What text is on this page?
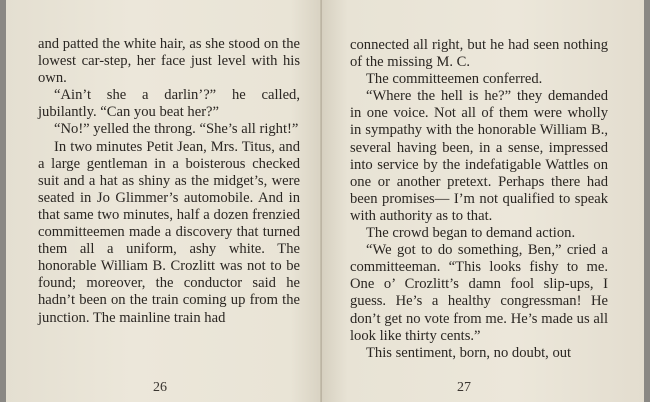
and patted the white hair, as she stood on the lowest car-step, her face just level with his own.

“Ain’t she a darlin’?” he called, jubilantly. “Can you beat her?”

“No!” yelled the throng. “She’s all right!”

In two minutes Petit Jean, Mrs. Titus, and a large gentleman in a boisterous checked suit and a hat as shiny as the midget’s, were seated in Jo Glimmer’s automobile. And in that same two minutes, half a dozen frenzied committeemen made a discovery that turned them all a uniform, ashy white. The honorable William B. Crozlitt was not to be found; moreover, the conductor said he hadn’t been on the train coming up from the junction. The mainline train had

26

connected all right, but he had seen nothing of the missing M. C.

The committeemen conferred.

“Where the hell is he?” they demanded in one voice. Not all of them were wholly in sympathy with the honorable William B., several having been, in a sense, impressed into service by the indefatigable Wattles on one or another pretext. Perhaps there had been promises— I’m not qualified to speak with authority as to that.

The crowd began to demand action.

“We got to do something, Ben,” cried a committeeman. “This looks fishy to me. One o’ Crozlitt’s damn fool slip-ups, I guess. He’s a healthy congressman! He don’t get no vote from me. He’s made us all look like thirty cents.”

This sentiment, born, no doubt, out

27
